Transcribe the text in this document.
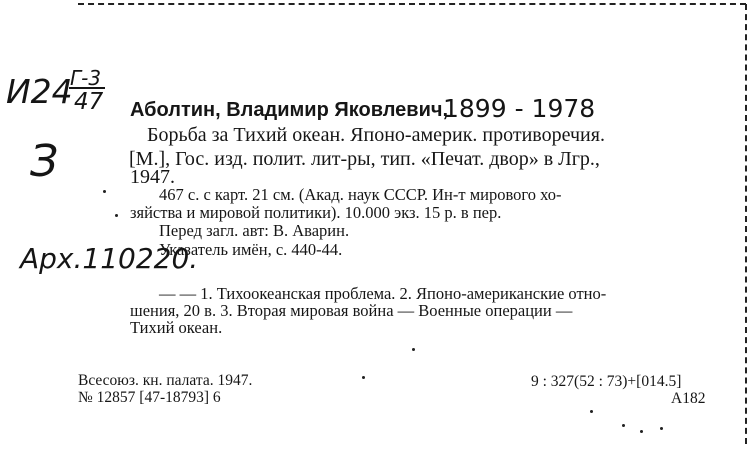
И24
Г-3
47
З
Арх.110220.
1899 - 1978
Аболтин, Владимир Яковлевич,
Борьба за Тихий океан. Японо-америк. противоречия.
[М.], Гос. изд. полит. лит-ры, тип. «Печат. двор» в Лгр.,
1947.
467 с. с карт. 21 см. (Акад. наук СССР. Ин-т мирового хо-
зяйства и мировой политики). 10.000 экз. 15 р. в пер.
Перед загл. авт: В. Аварин.
Указатель имён, с. 440-44.
— — 1. Тихоокеанская проблема. 2. Японо-американские отно-
шения, 20 в. 3. Вторая мировая война — Военные операции —
Тихий океан.
Всесоюз. кн. палата. 1947.
№ 12857 [47-18793] 6
9 : 327(52 : 73)+[014.5]
А182
